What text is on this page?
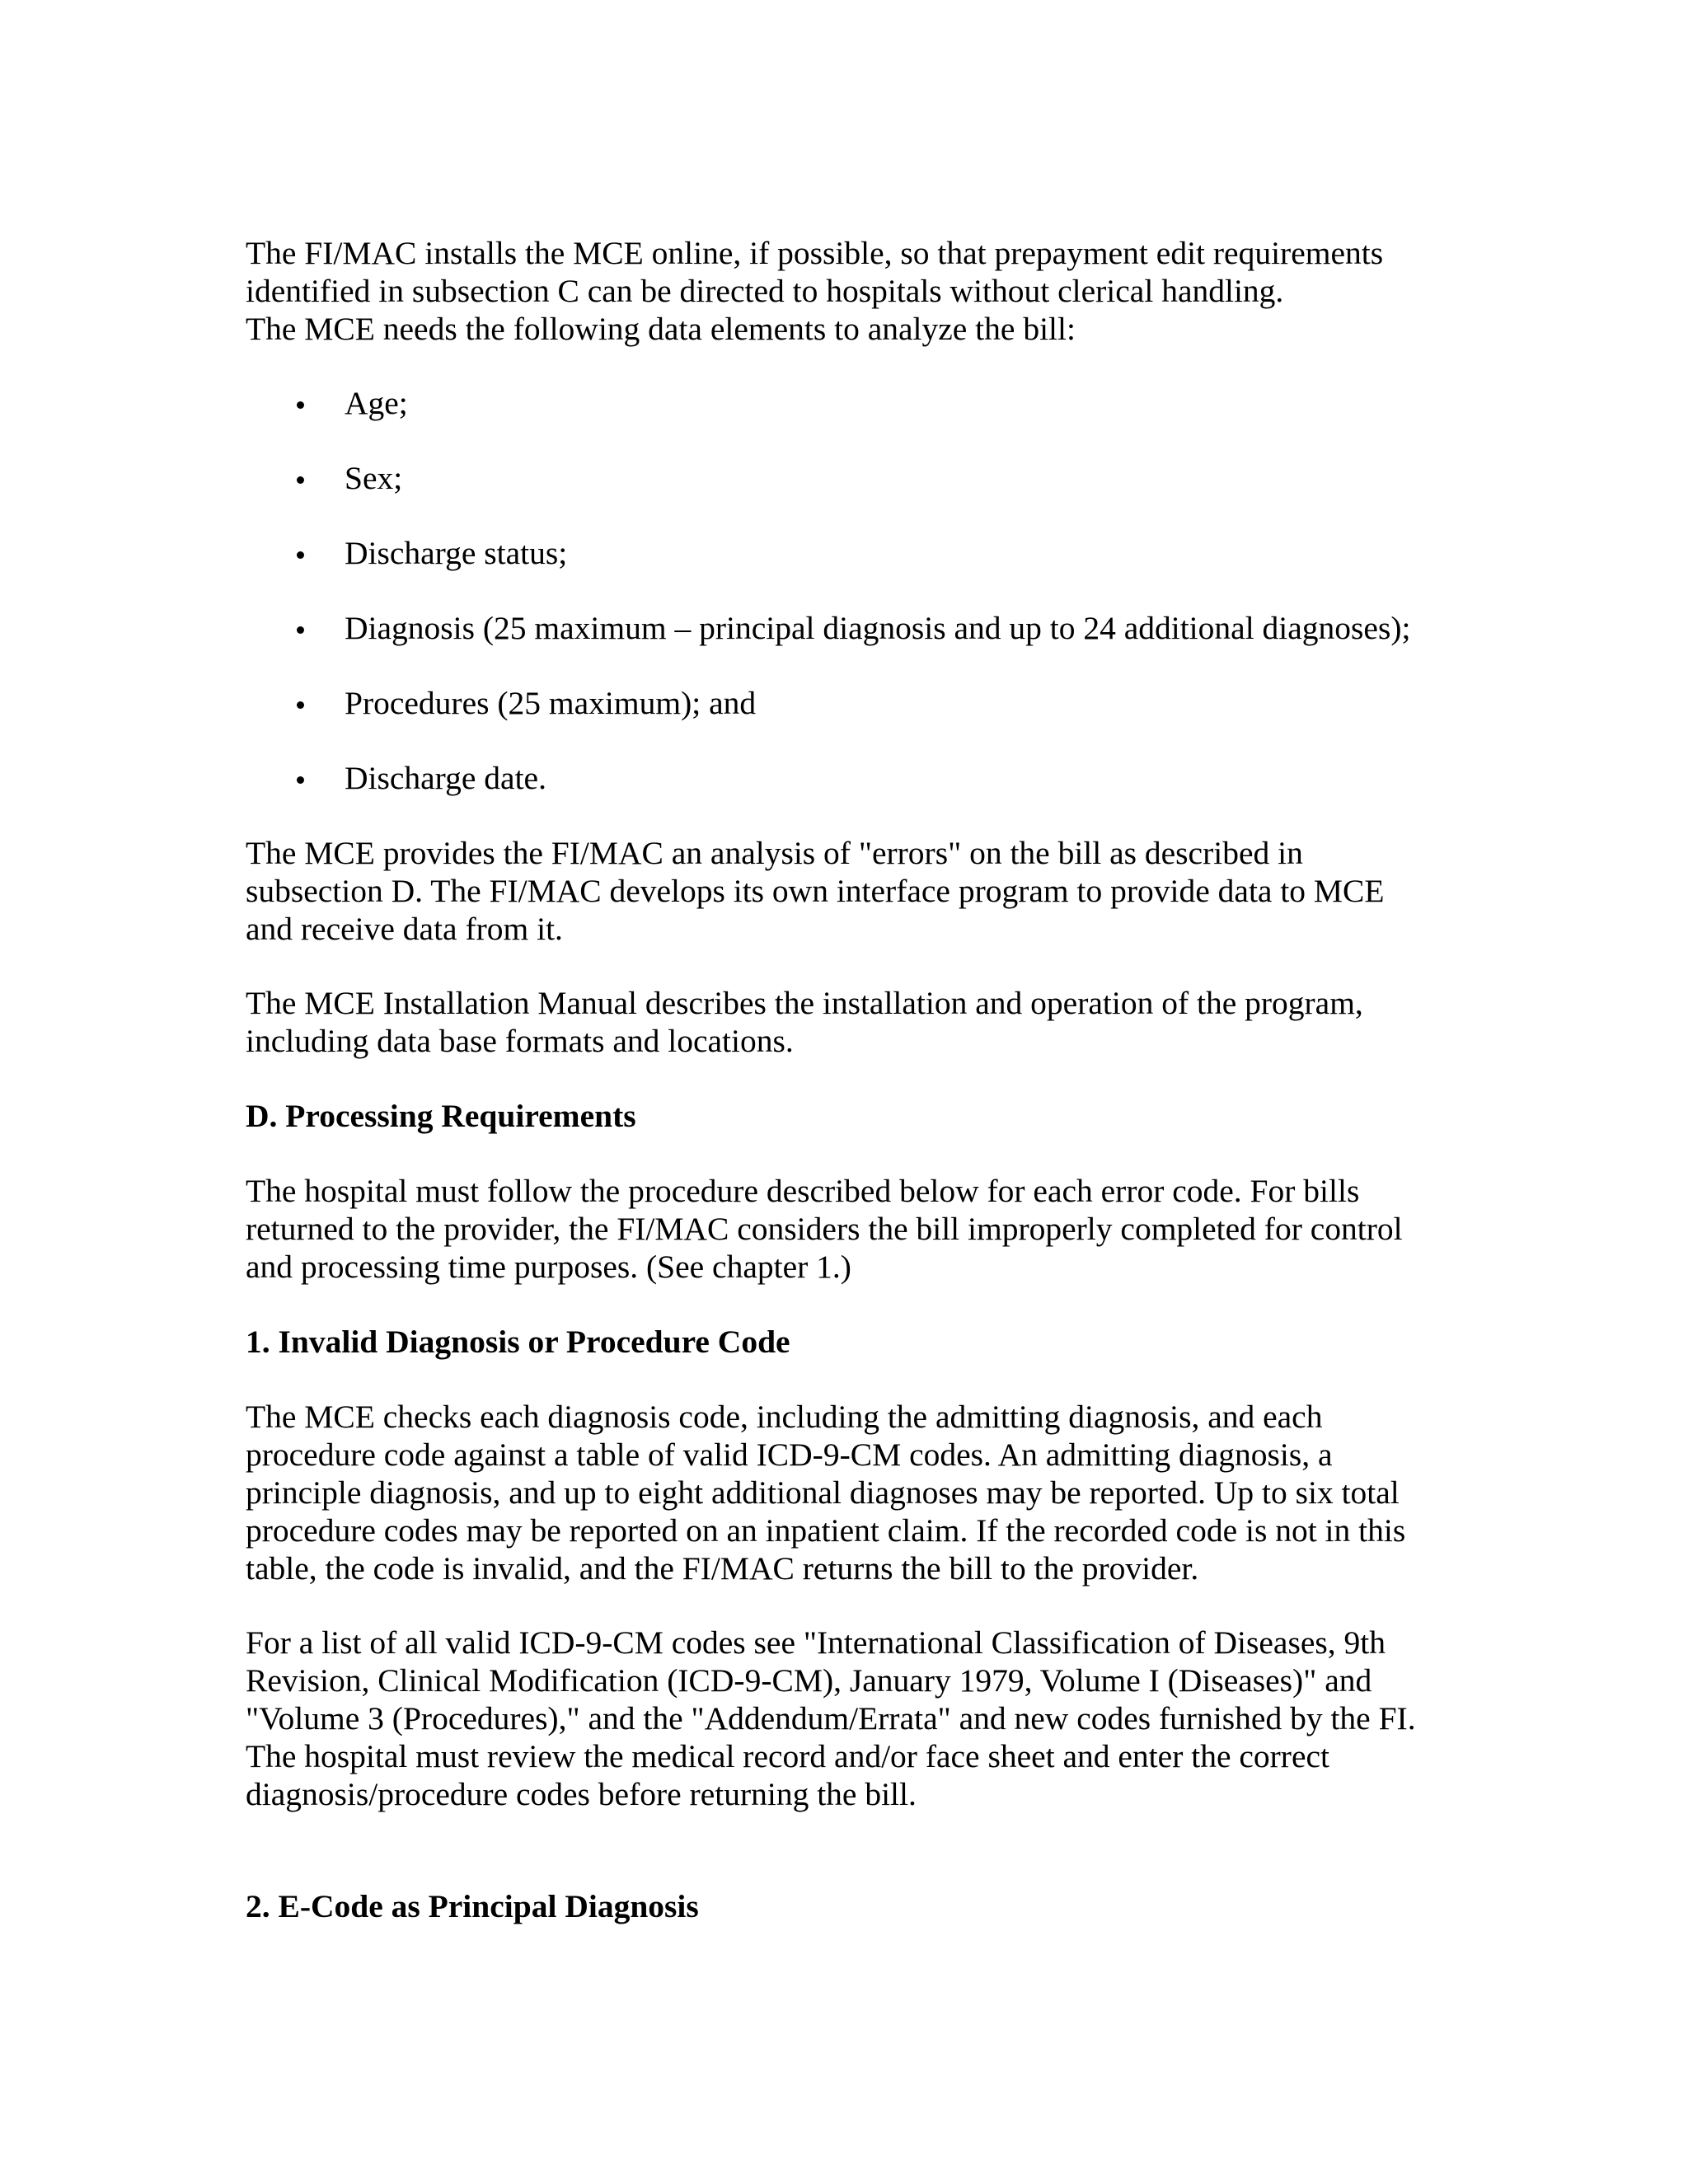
The FI/MAC installs the MCE online, if possible, so that prepayment edit requirements
identified in subsection C can be directed to hospitals without clerical handling.
The MCE needs the following data elements to analyze the bill:

Age;
Sex;
Discharge status;
Diagnosis (25 maximum – principal diagnosis and up to 24 additional diagnoses);
Procedures (25 maximum); and
Discharge date.

The MCE provides the FI/MAC an analysis of "errors" on the bill as described in
subsection D. The FI/MAC develops its own interface program to provide data to MCE
and receive data from it.

The MCE Installation Manual describes the installation and operation of the program,
including data base formats and locations.

D. Processing Requirements

The hospital must follow the procedure described below for each error code. For bills
returned to the provider, the FI/MAC considers the bill improperly completed for control
and processing time purposes. (See chapter 1.)

1. Invalid Diagnosis or Procedure Code

The MCE checks each diagnosis code, including the admitting diagnosis, and each
procedure code against a table of valid ICD-9-CM codes. An admitting diagnosis, a
principle diagnosis, and up to eight additional diagnoses may be reported. Up to six total
procedure codes may be reported on an inpatient claim. If the recorded code is not in this
table, the code is invalid, and the FI/MAC returns the bill to the provider.

For a list of all valid ICD-9-CM codes see "International Classification of Diseases, 9th
Revision, Clinical Modification (ICD-9-CM), January 1979, Volume I (Diseases)" and
"Volume 3 (Procedures)," and the "Addendum/Errata" and new codes furnished by the FI.
The hospital must review the medical record and/or face sheet and enter the correct
diagnosis/procedure codes before returning the bill.

2. E-Code as Principal Diagnosis
